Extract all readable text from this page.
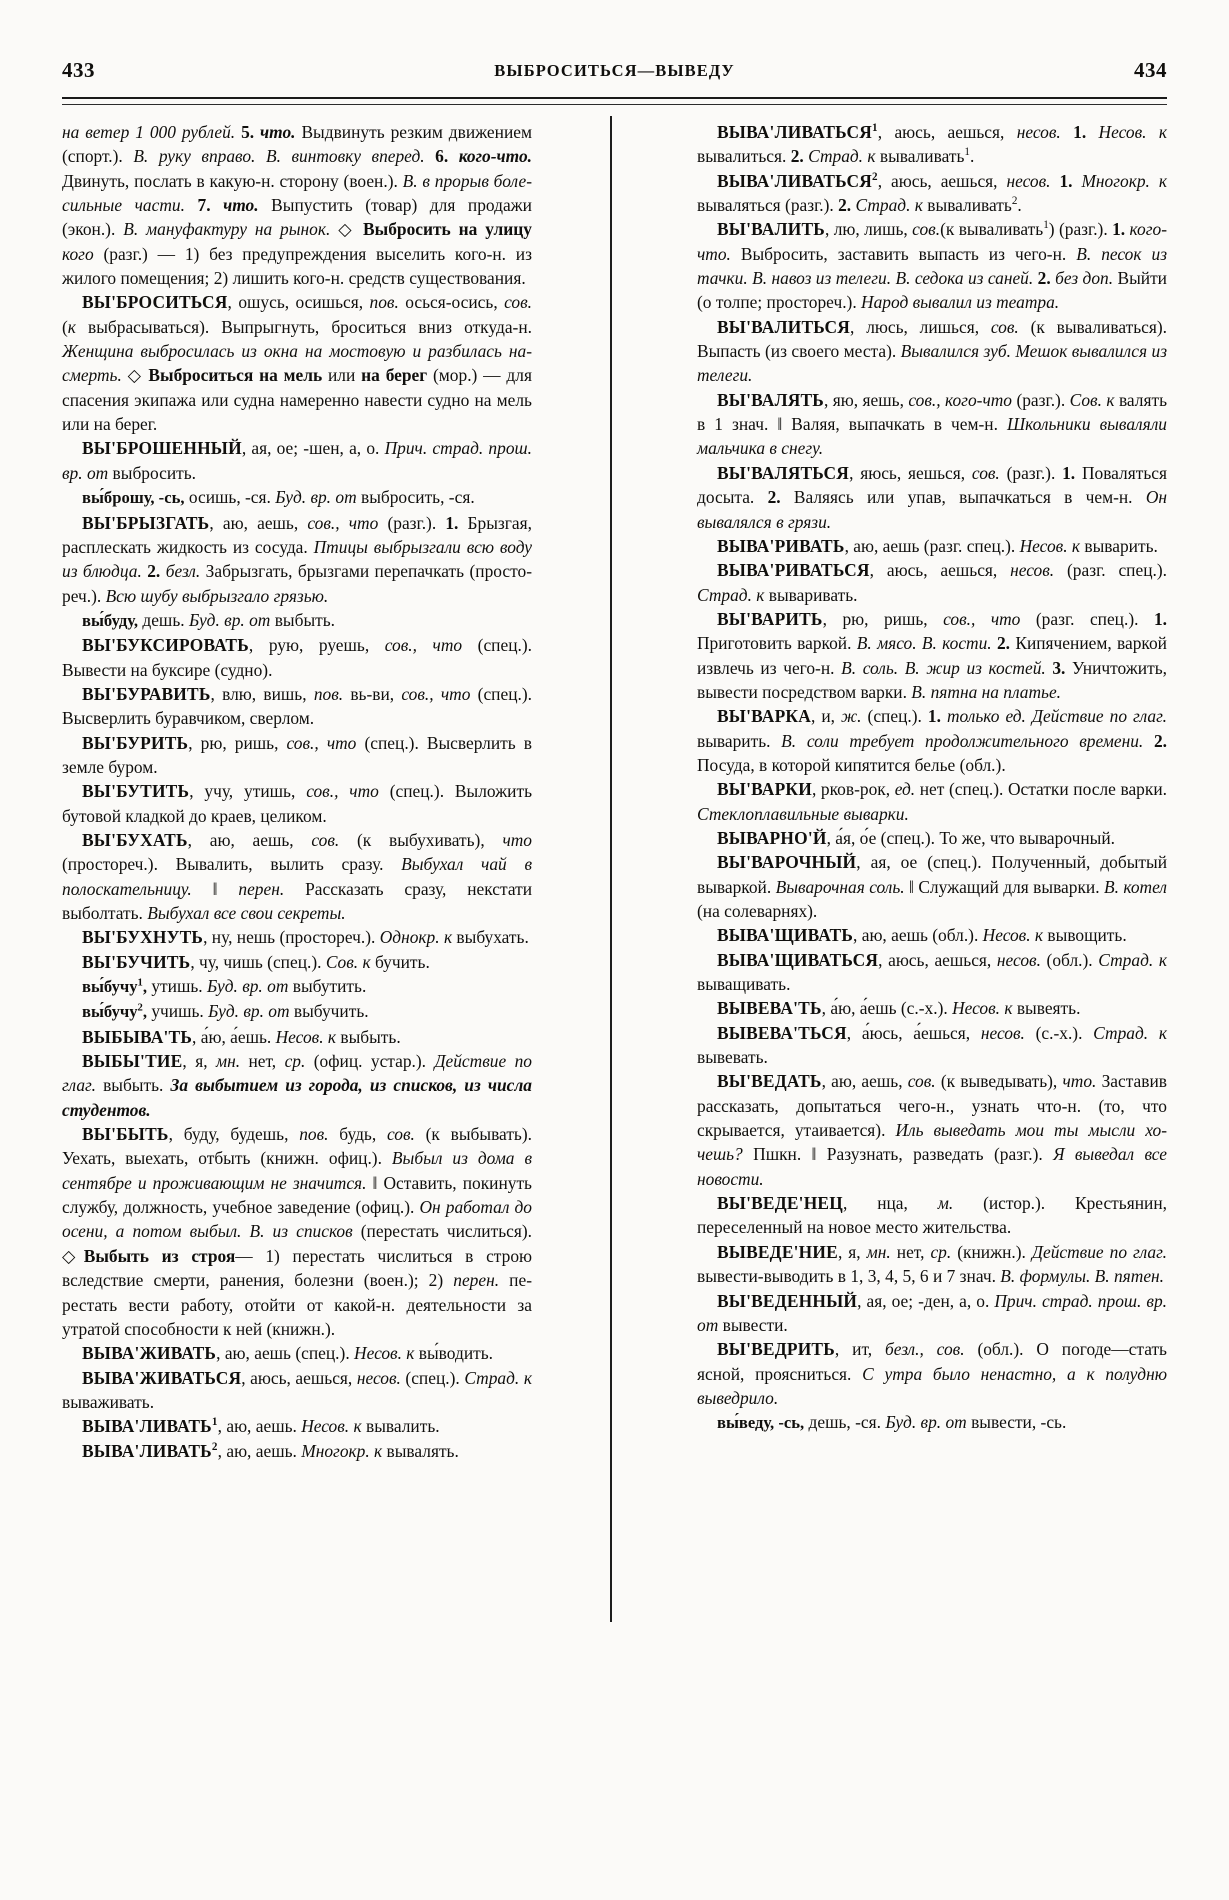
433	ВЫБРОСИТЬСЯ—ВЫВЕДУ	434

на ветер 1 000 рублей. 5. что. Выдвинуть резким движением (спорт.). В. руку вправо. В. винтовку вперед. 6. кого-что. Двинуть, послать в какую-н. сторону (воен.). В. в прорыв болесильные части. 7. что. Выпустить (товар) для продажи (экон.). В. мануфактуру на рынок. ◇ Выбросить на улицу кого (разг.) — 1) без предупреждения выселить кого-н. из жилого помещения; 2) лишить кого-н. средств существования.

ВЫ'БРОСИТЬСЯ, ошусь, осишься, пов. осься-осись, сов. (к выбрасываться). Выпрыгнуть, броситься вниз откуда-н. Женщина выбросилась из окна на мостовую и разбилась насмерть. ◇ Выброситься на мель или на берег (мор.) — для спасения экипажа или судна намеренно навести судно на мель или на берег.

ВЫ'БРОШЕННЫЙ, ая, ое; -шен, а, о. Прич. страд. прош. вр. от выбросить.

вы́брошу, -сь, осишь, -ся. Буд. вр. от выбросить, -ся.

ВЫ'БРЫЗГАТЬ, аю, аешь, сов., что (разг.). 1. Брызгая, расплескать жидкость из сосуда. Птицы выбрызгали всю воду из блюдца. 2. безл. Забрызгать, брызгами перепачкать (простореч.). Всю шубу выбрызгало грязью.

вы́буду, дешь. Буд. вр. от выбыть.

ВЫ'БУКСИРОВАТЬ, рую, руешь, сов., что (спец.). Вывести на буксире (судно).

ВЫ'БУРАВИТЬ, влю, вишь, пов. вь-ви, сов., что (спец.). Высверлить буравчиком, сверлом.

ВЫ'БУРИТЬ, рю, ришь, сов., что (спец.). Высверлить в земле буром.

ВЫ'БУТИТЬ, учу, утишь, сов., что (спец.). Выложить бутовой кладкой до краев, целиком.

ВЫ'БУХАТЬ, аю, аешь, сов. (к выбухивать), что (простореч.). Вывалить, вылить сразу. Выбухал чай в полоскательницу. ‖ перен. Рассказать сразу, некстати выболтать. Выбухал все свои секреты.

ВЫ'БУХНУТЬ, ну, нешь (простореч.). Однокр. к выбухать.

ВЫ'БУЧИТЬ, чу, чишь (спец.). Сов. к бучить.

вы́бучу$^1$, утишь. Буд. вр. от выбутить.

вы́бучу$^2$, учишь. Буд. вр. от выбучить.

ВЫБЫВА'ТЬ, а́ю, а́ешь. Несов. к выбыть.

ВЫБЫ'ТИЕ, я, мн. нет, ср. (офиц. устар.). Действие по глаг. выбыть. За выбытием из города, из списков, из числа студентов.

ВЫ'БЫТЬ, буду, будешь, пов. будь, сов. (к выбывать). Уехать, выехать, отбыть (книжн. офиц.). Выбыл из дома в сентябре и проживающим не значится. ‖ Оставить, покинуть службу, должность, учебное заведение (офиц.). Он работал до осени, а потом выбыл. В. из списков (перестать числиться). ◇Выбыть из строя— 1) перестать числиться в строю вследствие смерти, ранения, болезни (воен.); 2) перен. перестать вести работу, отойти от какой-н. деятельности за утратой способности к ней (книжн.).

ВЫВА'ЖИВАТЬ, аю, аешь (спец.). Несов. к вы́водить.

ВЫВА'ЖИВАТЬСЯ, аюсь, аешься, несов. (спец.). Страд. к вываживать.

ВЫВА'ЛИВАТЬ$^1$, аю, аешь. Несов. к вывалить.

ВЫВА'ЛИВАТЬ$^2$, аю, аешь. Многокр. к вывалять.

ВЫВА'ЛИВАТЬСЯ$^1$, аюсь, аешься, несов. 1. Несов. к вывалиться. 2. Страд. к вываливать$^1$.

ВЫВА'ЛИВАТЬСЯ$^2$, аюсь, аешься, несов. 1. Многокр. к вываляться (разг.). 2. Страд. к вываливать$^2$.

ВЫ'ВАЛИТЬ, лю, лишь, сов.(к вываливать$^1$) (разг.). 1. кого-что. Выбросить, заставить выпасть из чего-н. В. песок из тачки. В. навоз из телеги. В. седока из саней. 2. без доп. Выйти (о толпе; простореч.). Народ вывалил из театра.

ВЫ'ВАЛИТЬСЯ, люсь, лишься, сов. (к вываливаться). Выпасть (из своего места). Вывалился зуб. Мешок вывалился из телеги.

ВЫ'ВАЛЯТЬ, яю, яешь, сов., кого-что (разг.). Сов. к валять в 1 знач. ‖ Валяя, выпачкать в чем-н. Школьники вываляли мальчика в снегу.

ВЫ'ВАЛЯТЬСЯ, яюсь, яешься, сов. (разг.). 1. Поваляться досыта. 2. Валяясь или упав, выпачкаться в чем-н. Он вывалялся в грязи.

ВЫВА'РИВАТЬ, аю, аешь (разг. спец.). Несов. к выварить.

ВЫВА'РИВАТЬСЯ, аюсь, аешься, несов. (разг. спец.). Страд. к вываривать.

ВЫ'ВАРИТЬ, рю, ришь, сов., что (разг. спец.). 1. Приготовить варкой. В. мясо. В. кости. 2. Кипячением, варкой извлечь из чего-н. В. соль. В. жир из костей. 3. Уничтожить, вывести посредством варки. В. пятна на платье.

ВЫ'ВАРКА, и, ж. (спец.). 1. только ед. Действие по глаг. выварить. В. соли требует продолжительного времени. 2. Посуда, в которой кипятится белье (обл.).

ВЫ'ВАРКИ, рков-рок, ед. нет (спец.). Остатки после варки. Стеклоплавильные выварки.

ВЫВАРНО'Й, а́я, о́е (спец.). То же, что выварочный.

ВЫ'ВАРОЧНЫЙ, ая, ое (спец.). Полученный, добытый вываркой. Выварочная соль. ‖ Служащий для выварки. В. котел (на солеварнях).

ВЫВА'ЩИВАТЬ, аю, аешь (обл.). Несов. к вывощить.

ВЫВА'ЩИВАТЬСЯ, аюсь, аешься, несов. (обл.). Страд. к выващивать.

ВЫВЕВА'ТЬ, а́ю, а́ешь (с.-х.). Несов. к вывеять.

ВЫВЕВА'ТЬСЯ, а́юсь, а́ешься, несов. (с.-х.). Страд. к вывевать.

ВЫ'ВЕДАТЬ, аю, аешь, сов. (к выведывать), что. Заставив рассказать, допытаться чего-н., узнать что-н. (то, что скрывается, утаивается). Иль выведать мои ты мысли хочешь? Пшкн. ‖ Разузнать, разведать (разг.). Я выведал все новости.

ВЫ'ВЕДЕ'НЕЦ, нца, м. (истор.). Крестьянин, переселенный на новое место жительства.

ВЫВЕДЕ'НИЕ, я, мн. нет, ср. (книжн.). Действие по глаг. вывести-выводить в 1, 3, 4, 5, 6 и 7 знач. В. формулы. В. пятен.

ВЫ'ВЕДЕННЫЙ, ая, ое; -ден, а, о. Прич. страд. прош. вр. от вывести.

ВЫ'ВЕДРИТЬ, ит, безл., сов. (обл.). О погоде—стать ясной, проясниться. С утра было ненастно, а к полудню выведрило.

вы́веду, -сь, дешь, -ся. Буд. вр. от вывести, -сь.
